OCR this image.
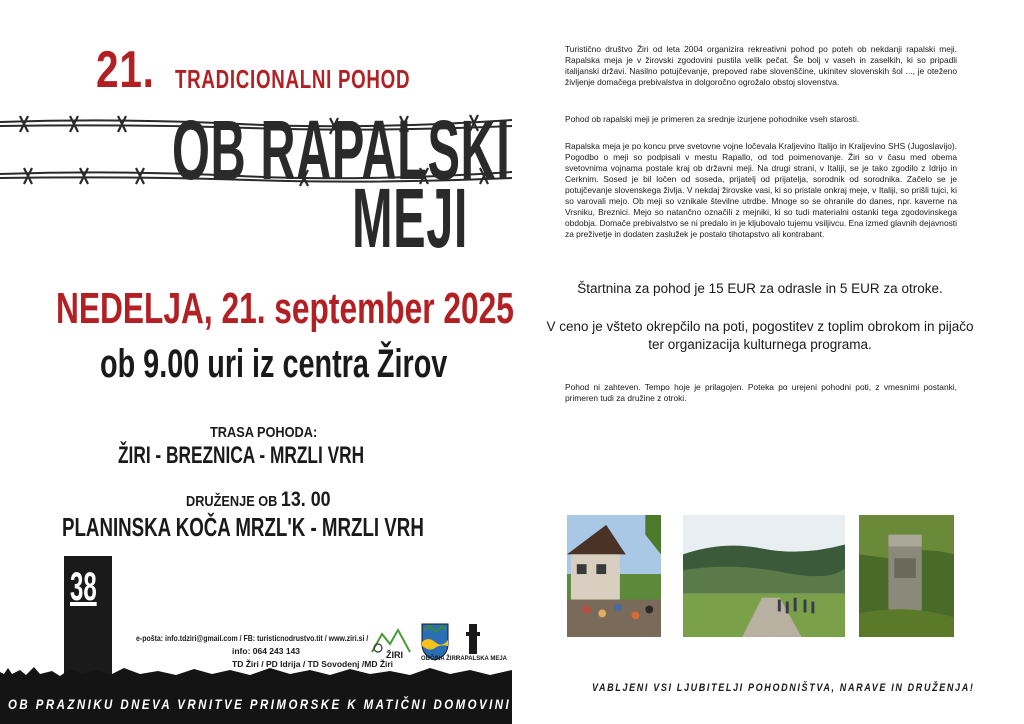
21. TRADICIONALNI POHOD
OB RAPALSKI
MEJI
NEDELJA, 21. september 2025
ob 9.00 uri iz centra Žirov
TRASA POHODA:
ŽIRI - BREZNICA - MRZLI VRH
DRUŽENJE OB 13. 00
PLANINSKA KOČA MRZL'K - MRZLI VRH
38
e-pošta: info.tdziri@gmail.com / FB: turisticnodrustvo.tit / www.ziri.si /
info: 064 243 143
TD Žiri / PD Idrija / TD Sovodenj /MD Žiri
ŽIRI	OBČINA ŽIRI
RAPALSKA MEJA
OB PRAZNIKU DNEVA VRNITVE PRIMORSKE K MATIČNI DOMOVINI SLOVENIJI
Turistično društvo Žiri od leta 2004 organizira rekreativni pohod po poteh ob nekdanji rapalski meji. Rapalska meja je v žirovski zgodovini pustila velik pečat. Še bolj v vaseh in zaselkih, ki so pripadli italijanski državi. Nasilno potujčevanje, prepoved rabe slovenščine, ukinitev slovenskih šol ..., je oteženo življenje domačega prebivalstva in dolgoročno ogrožalo obstoj slovenstva.
Pohod ob rapalski meji je primeren za srednje izurjene pohodnike vseh starosti.
Rapalska meja je po koncu prve svetovne vojne ločevala Kraljevino Italijo in Kraljevino SHS (Jugoslavijo). Pogodbo o meji so podpisali v mestu Rapallo, od tod poimenovanje. Žiri so v času med obema svetovnima vojnama postale kraj ob državni meji. Na drugi strani, v Italiji, se je tako zgodilo z Idrijo in Cerknim. Sosed je bil ločen od soseda, prijatelj od prijatelja, sorodnik od sorodnika. Začelo se je potujčevanje slovenskega življa. V nekdaj žirovske vasi, ki so pristale onkraj meje, v Italiji, so prišli tujci, ki so varovali mejo. Ob meji so vznikale številne utrdbe. Mnoge so se ohranile do danes, npr. kaverne na Vrsniku, Breznici. Mejo so natančno označili z mejniki, ki so tudi materialni ostanki tega zgodovinskega obdobja. Domače prebivalstvo se ni predalo in je kljubovalo tujemu vsiljivcu. Ena izmed glavnih dejavnosti za preživetje in dodaten zaslužek je postalo tihotapstvo ali kontrabant.
Štartnina za pohod je 15 EUR za odrasle in 5 EUR za otroke.
V ceno je všteto okrepčilo na poti, pogostitev z toplim obrokom in pijačo ter organizacija kulturnega programa.
Pohod ni zahteven. Tempo hoje je prilagojen. Poteka po urejeni pohodni poti, z vmesnimi postanki, primeren tudi za družine z otroki.
VABLJENI VSI LJUBITELJI POHODNIŠTVA, NARAVE IN DRUŽENJA!
